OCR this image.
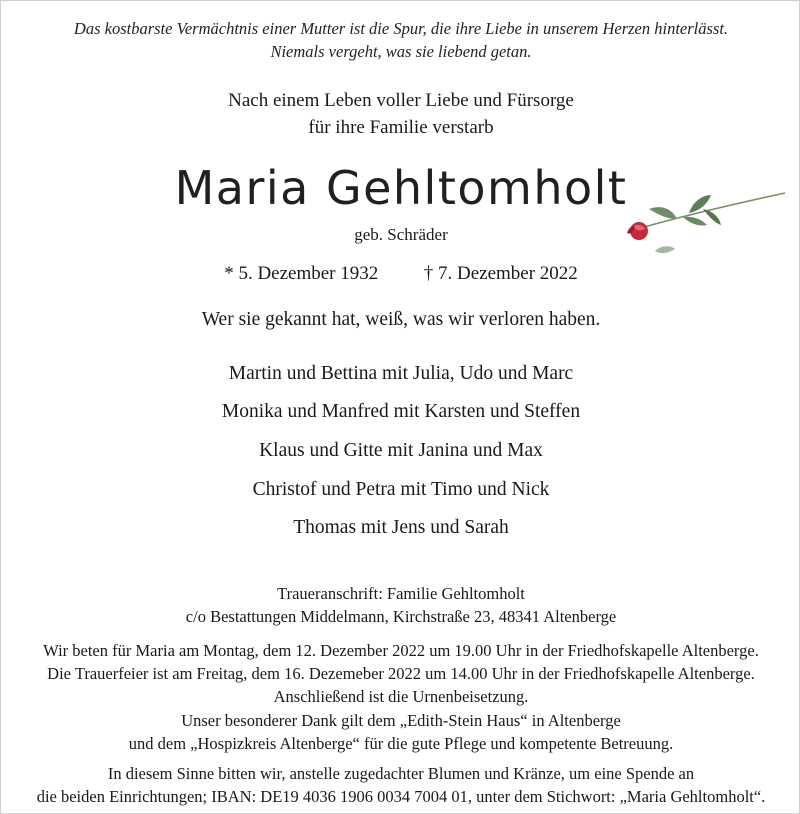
Das kostbarste Vermächtnis einer Mutter ist die Spur, die ihre Liebe in unserem Herzen hinterlässt.
Niemals vergeht, was sie liebend getan.
Nach einem Leben voller Liebe und Fürsorge
für ihre Familie verstarb
Maria Gehltomholt
geb. Schräder
* 5. Dezember 1932 † 7. Dezember 2022
Wer sie gekannt hat, weiß, was wir verloren haben.
Martin und Bettina mit Julia, Udo und Marc
Monika und Manfred mit Karsten und Steffen
Klaus und Gitte mit Janina und Max
Christof und Petra mit Timo und Nick
Thomas mit Jens und Sarah
Traueranschrift: Familie Gehltomholt
c/o Bestattungen Middelmann, Kirchstraße 23, 48341 Altenberge
Wir beten für Maria am Montag, dem 12. Dezember 2022 um 19.00 Uhr in der Friedhofskapelle Altenberge.
Die Trauerfeier ist am Freitag, dem 16. Dezemeber 2022 um 14.00 Uhr in der Friedhofskapelle Altenberge.
Anschließend ist die Urnenbeisetzung.
Unser besonderer Dank gilt dem „Edith-Stein Haus“ in Altenberge
und dem „Hospizkreis Altenberge“ für die gute Pflege und kompetente Betreuung.
In diesem Sinne bitten wir, anstelle zugedachter Blumen und Kränze, um eine Spende an
die beiden Einrichtungen; IBAN: DE19 4036 1906 0034 7004 01, unter dem Stichwort: „Maria Gehltomholt“.
